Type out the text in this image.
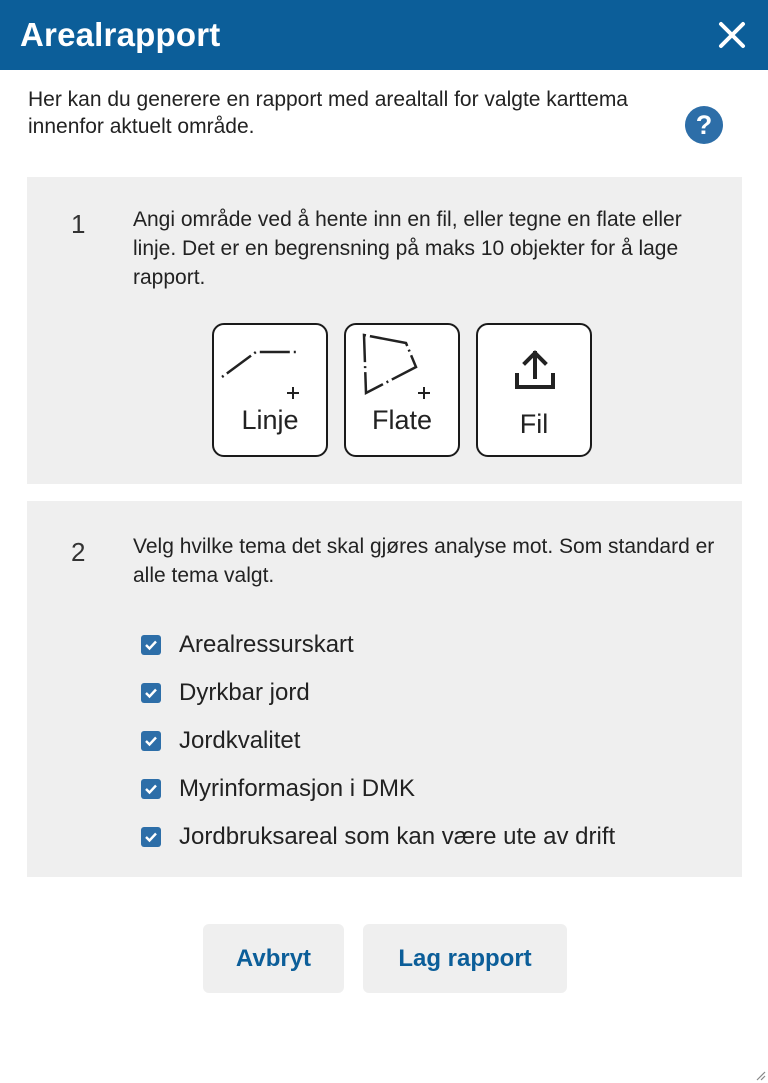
Arealrapport
Her kan du generere en rapport med arealtall for valgte karttema innenfor aktuelt område.	?
1 Angi område ved å hente inn en fil, eller tegne en flate eller linje. Det er en begrensning på maks 10 objekter for å lage rapport.
Linje	Flate	Fil
2 Velg hvilke tema det skal gjøres analyse mot. Som standard er alle tema valgt.
Arealressurskart
Dyrkbar jord
Jordkvalitet
Myrinformasjon i DMK
Jordbruksareal som kan være ute av drift
Avbryt	Lag rapport
